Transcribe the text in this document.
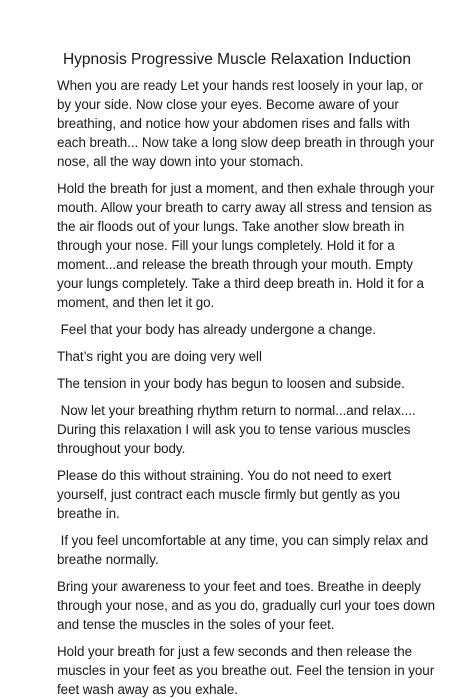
Hypnosis Progressive Muscle Relaxation Induction

When you are ready Let your hands rest loosely in your lap, or by your side. Now close your eyes. Become aware of your breathing, and notice how your abdomen rises and falls with each breath... Now take a long slow deep breath in through your nose, all the way down into your stomach.

Hold the breath for just a moment, and then exhale through your mouth. Allow your breath to carry away all stress and tension as the air floods out of your lungs. Take another slow breath in through your nose. Fill your lungs completely. Hold it for a moment...and release the breath through your mouth. Empty your lungs completely. Take a third deep breath in. Hold it for a moment, and then let it go.

Feel that your body has already undergone a change.

That’s right you are doing very well

The tension in your body has begun to loosen and subside.

Now let your breathing rhythm return to normal...and relax.... During this relaxation I will ask you to tense various muscles throughout your body.

Please do this without straining. You do not need to exert yourself, just contract each muscle firmly but gently as you breathe in.

If you feel uncomfortable at any time, you can simply relax and breathe normally.

Bring your awareness to your feet and toes. Breathe in deeply through your nose, and as you do, gradually curl your toes down and tense the muscles in the soles of your feet.

Hold your breath for just a few seconds and then release the muscles in your feet as you breathe out. Feel the tension in your feet wash away as you exhale.
